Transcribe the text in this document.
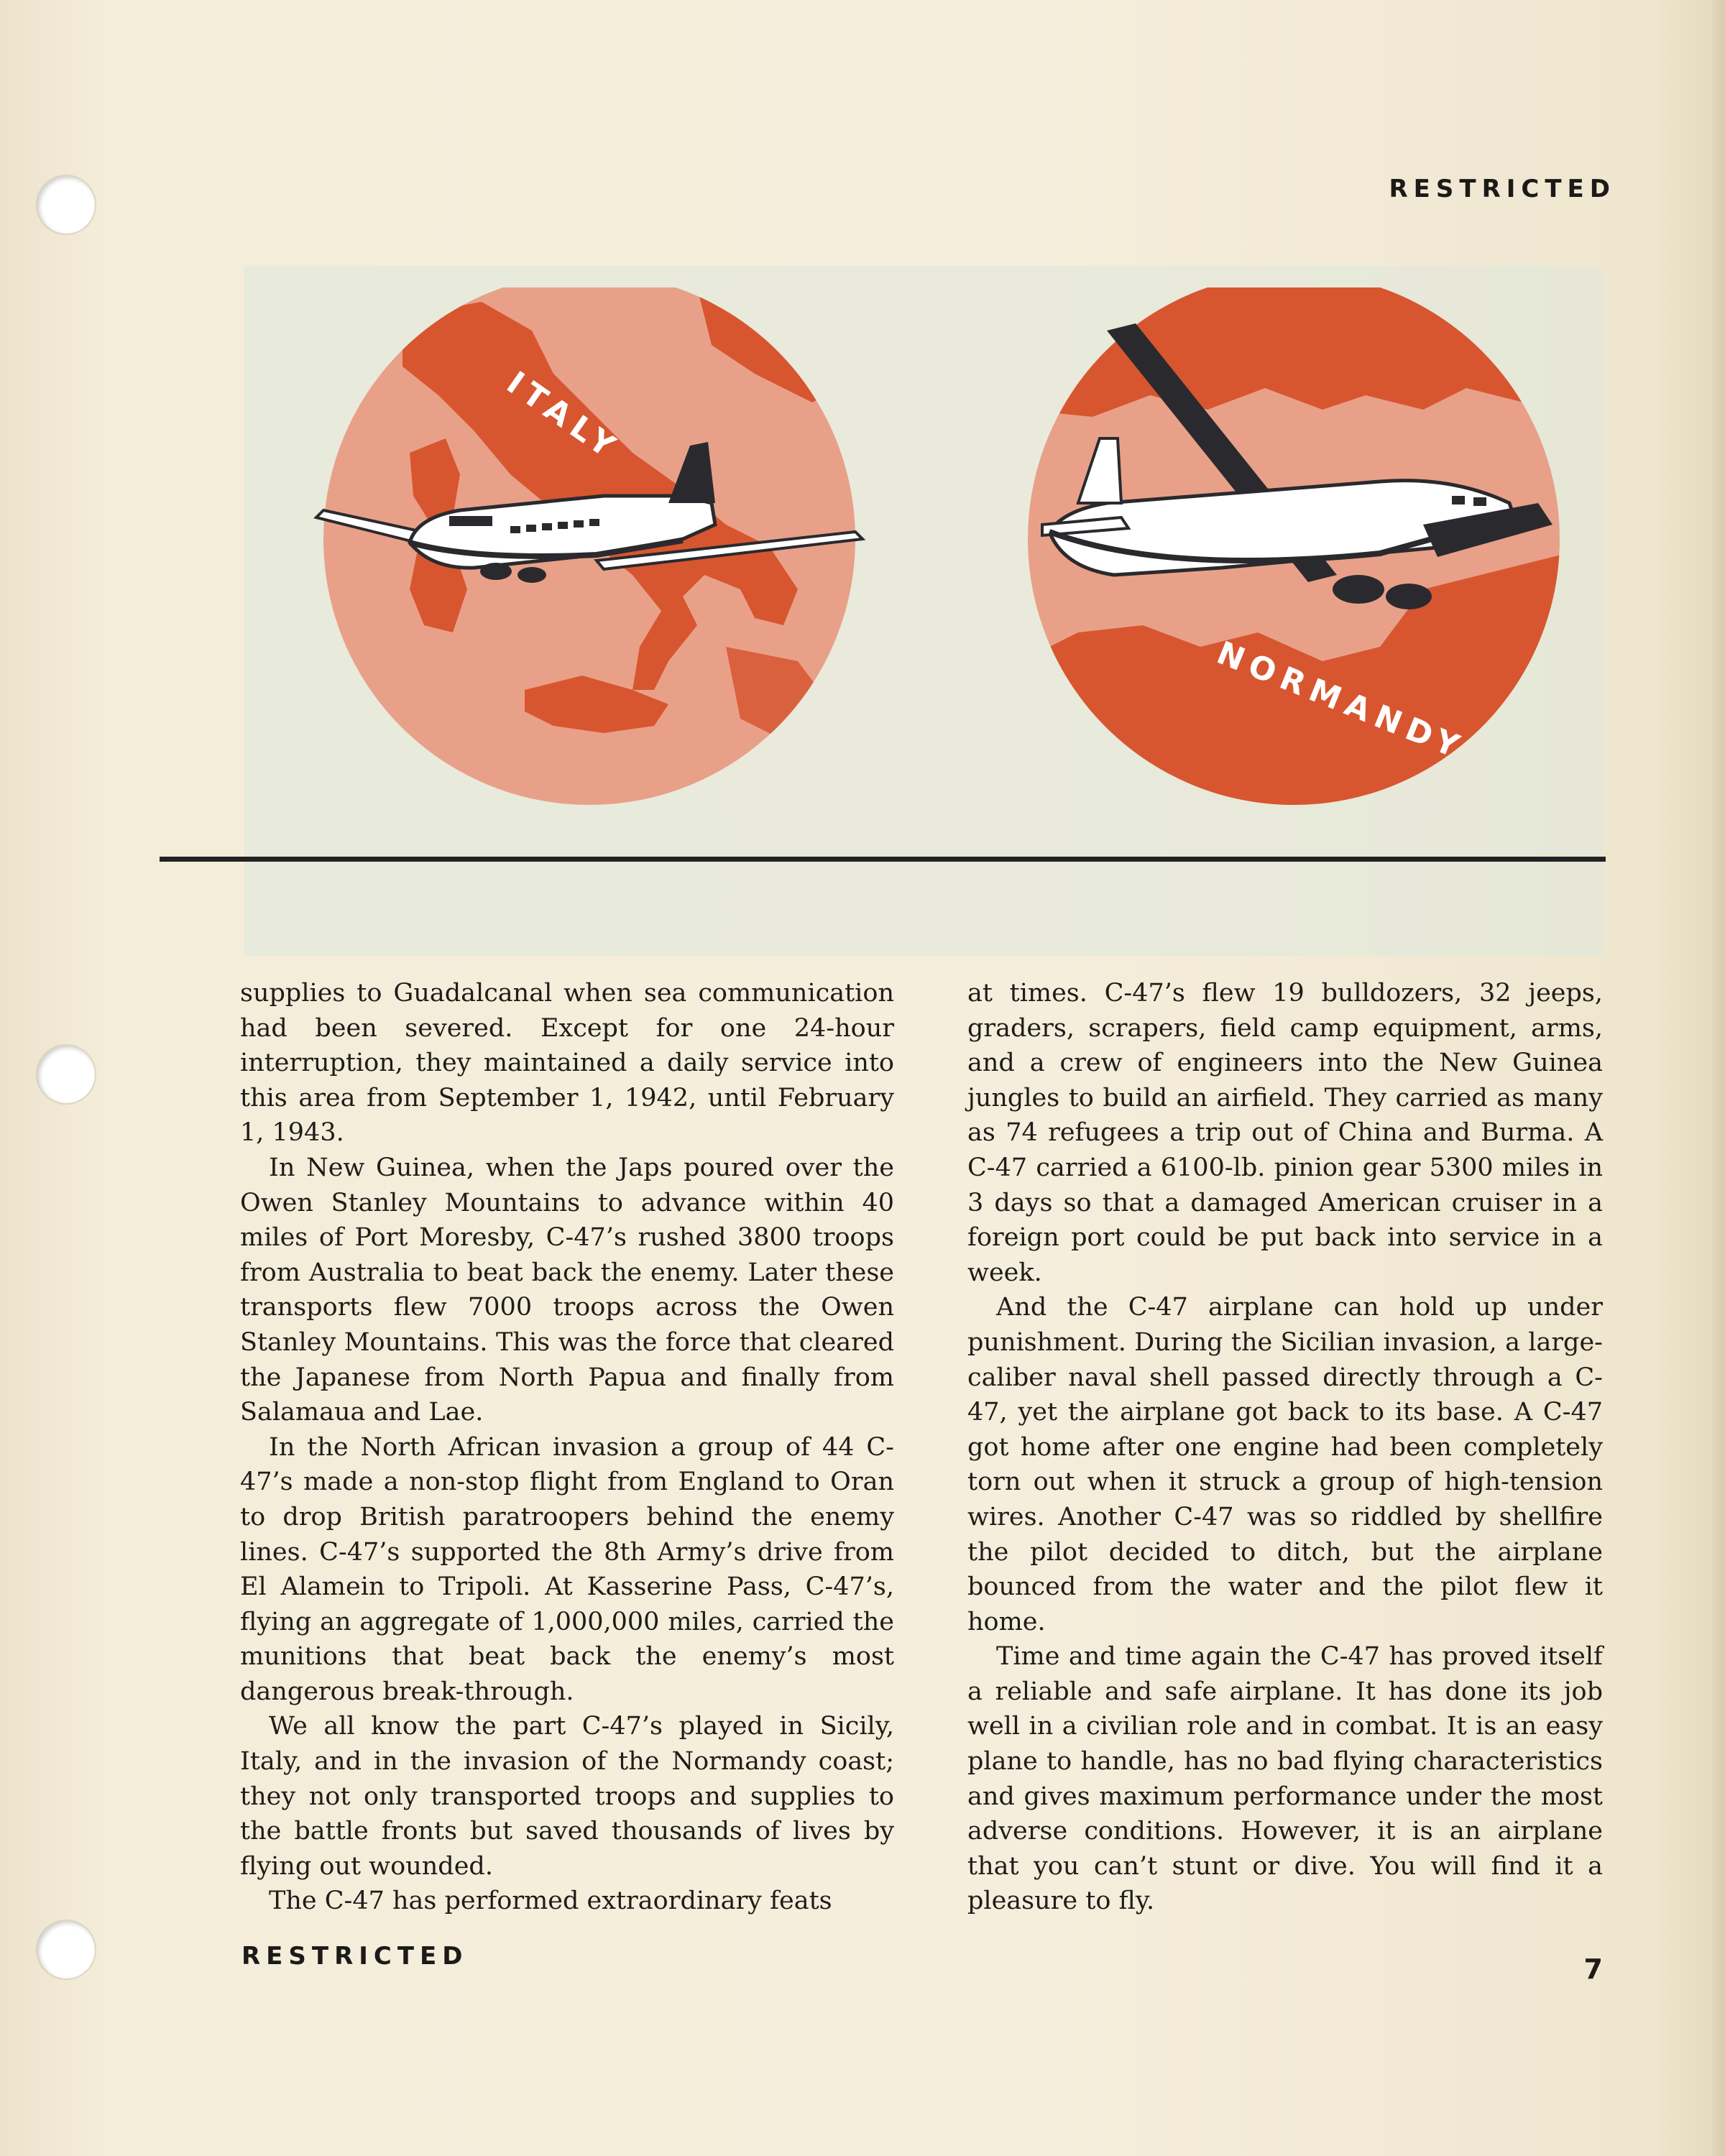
RESTRICTED
ITALY
NORMANDY

supplies to Guadalcanal when sea communication had been severed. Except for one 24-hour interruption, they maintained a daily service into this area from September 1, 1942, until February 1, 1943.

In New Guinea, when the Japs poured over the Owen Stanley Mountains to advance within 40 miles of Port Moresby, C-47’s rushed 3800 troops from Australia to beat back the enemy. Later these transports flew 7000 troops across the Owen Stanley Mountains. This was the force that cleared the Japanese from North Papua and finally from Salamaua and Lae.

In the North African invasion a group of 44 C-47’s made a non-stop flight from England to Oran to drop British paratroopers behind the enemy lines. C-47’s supported the 8th Army’s drive from El Alamein to Tripoli. At Kasserine Pass, C-47’s, flying an aggregate of 1,000,000 miles, carried the munitions that beat back the enemy’s most dangerous break-through.

We all know the part C-47’s played in Sicily, Italy, and in the invasion of the Normandy coast; they not only transported troops and supplies to the battle fronts but saved thousands of lives by flying out wounded.

The C-47 has performed extraordinary feats

at times. C-47’s flew 19 bulldozers, 32 jeeps, graders, scrapers, field camp equipment, arms, and a crew of engineers into the New Guinea jungles to build an airfield. They carried as many as 74 refugees a trip out of China and Burma. A C-47 carried a 6100-lb. pinion gear 5300 miles in 3 days so that a damaged American cruiser in a foreign port could be put back into service in a week.

And the C-47 airplane can hold up under punishment. During the Sicilian invasion, a large-caliber naval shell passed directly through a C-47, yet the airplane got back to its base. A C-47 got home after one engine had been completely torn out when it struck a group of high-tension wires. Another C-47 was so riddled by shellfire the pilot decided to ditch, but the airplane bounced from the water and the pilot flew it home.

Time and time again the C-47 has proved itself a reliable and safe airplane. It has done its job well in a civilian role and in combat. It is an easy plane to handle, has no bad flying characteristics and gives maximum performance under the most adverse conditions. However, it is an airplane that you can’t stunt or dive. You will find it a pleasure to fly.

RESTRICTED	7
